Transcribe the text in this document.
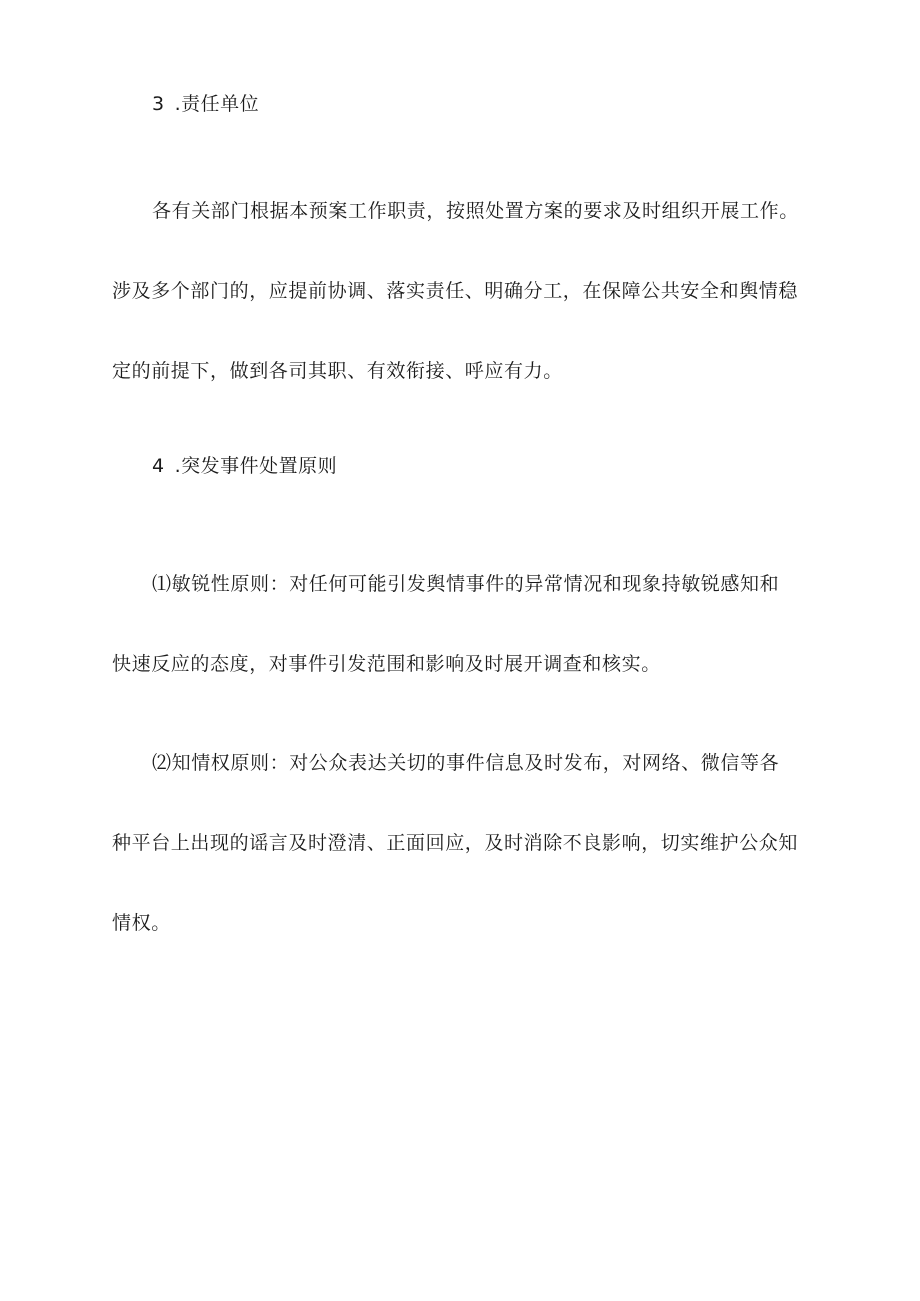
3 .责任单位
各有关部门根据本预案工作职责，按照处置方案的要求及时组织开展工作。
涉及多个部门的，应提前协调、落实责任、明确分工，在保障公共安全和舆情稳
定的前提下，做到各司其职、有效衔接、呼应有力。
4 .突发事件处置原则
⑴敏锐性原则：对任何可能引发舆情事件的异常情况和现象持敏锐感知和
快速反应的态度，对事件引发范围和影响及时展开调查和核实。
⑵知情权原则：对公众表达关切的事件信息及时发布，对网络、微信等各
种平台上出现的谣言及时澄清、正面回应，及时消除不良影响，切实维护公众知
情权。
